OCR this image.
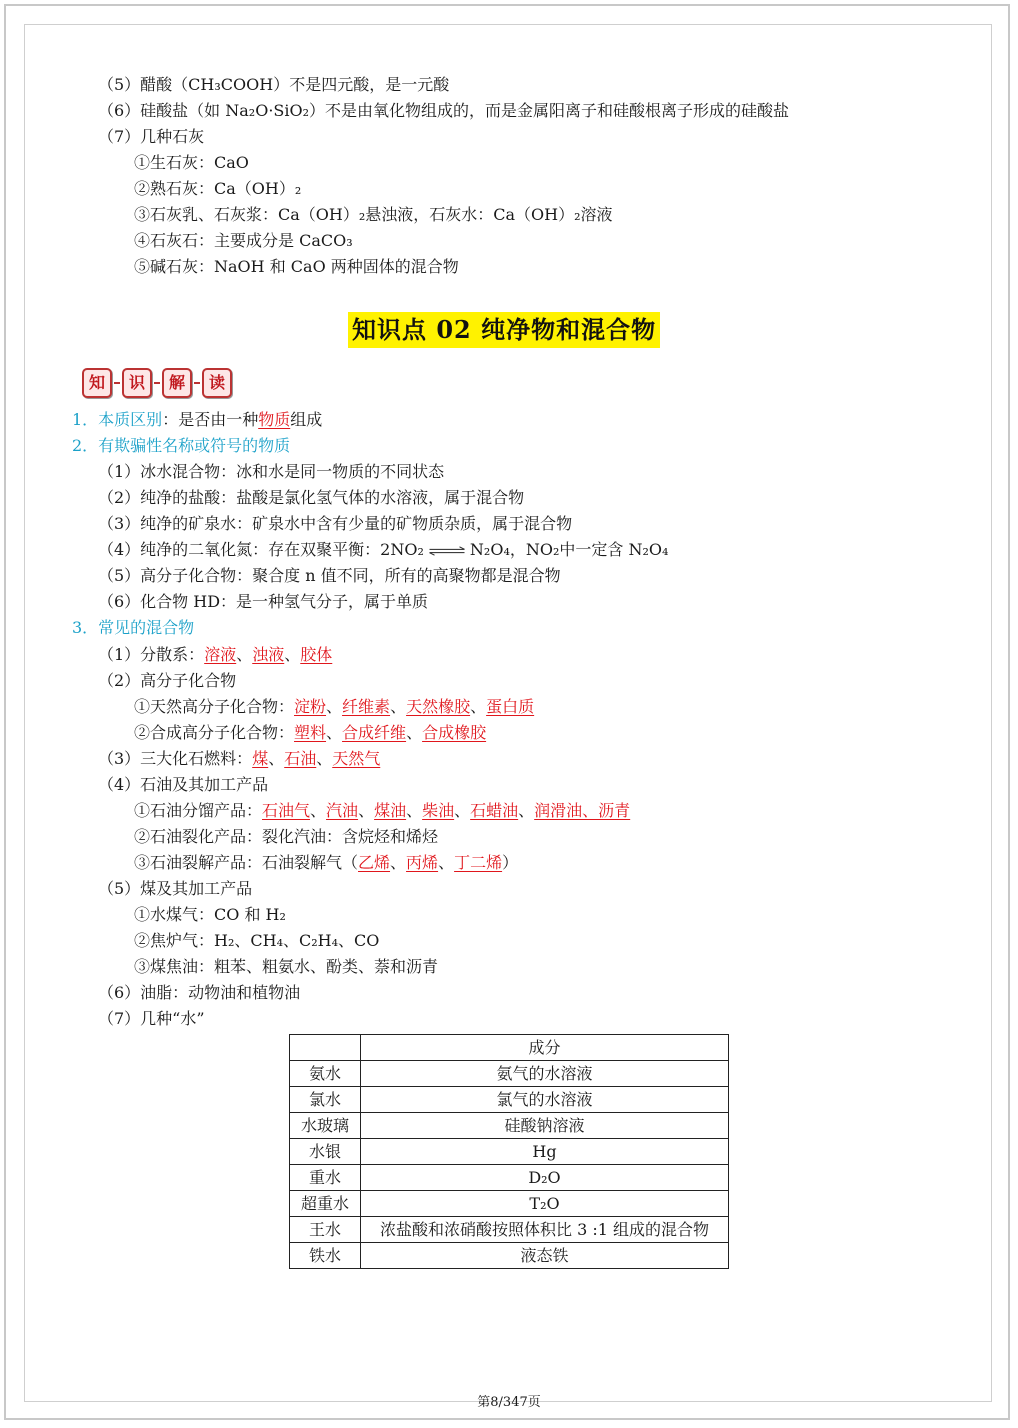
（5）醋酸（CH₃COOH）不是四元酸，是一元酸
（6）硅酸盐（如 Na₂O·SiO₂）不是由氧化物组成的，而是金属阳离子和硅酸根离子形成的硅酸盐
（7）几种石灰
①生石灰：CaO
②熟石灰：Ca（OH）₂
③石灰乳、石灰浆：Ca（OH）₂悬浊液，石灰水：Ca（OH）₂溶液
④石灰石：主要成分是 CaCO₃
⑤碱石灰：NaOH 和 CaO 两种固体的混合物
知识点 02 纯净物和混合物
知	识	解	读
1．本质区别：是否由一种物质组成
2．有欺骗性名称或符号的物质
（1）冰水混合物：冰和水是同一物质的不同状态
（2）纯净的盐酸：盐酸是氯化氢气体的水溶液，属于混合物
（3）纯净的矿泉水：矿泉水中含有少量的矿物质杂质，属于混合物
（4）纯净的二氧化氮：存在双聚平衡：2NO₂⇌N₂O₄，NO₂中一定含 N₂O₄
（5）高分子化合物：聚合度 n 值不同，所有的高聚物都是混合物
（6）化合物 HD：是一种氢气分子，属于单质
3．常见的混合物
（1）分散系：溶液、浊液、胶体
（2）高分子化合物
①天然高分子化合物：淀粉、纤维素、天然橡胶、蛋白质
②合成高分子化合物：塑料、合成纤维、合成橡胶
（3）三大化石燃料：煤、石油、天然气
（4）石油及其加工产品
①石油分馏产品：石油气、汽油、煤油、柴油、石蜡油、润滑油、沥青
②石油裂化产品：裂化汽油：含烷烃和烯烃
③石油裂解产品：石油裂解气（乙烯、丙烯、丁二烯）
（5）煤及其加工产品
①水煤气：CO 和 H₂
②焦炉气：H₂、CH₄、C₂H₄、CO
③煤焦油：粗苯、粗氨水、酚类、萘和沥青
（6）油脂：动物油和植物油
（7）几种“水”
	成分
氨水	氨气的水溶液
氯水	氯气的水溶液
水玻璃	硅酸钠溶液
水银	Hg
重水	D₂O
超重水	T₂O
王水	浓盐酸和浓硝酸按照体积比 3 :1 组成的混合物
铁水	液态铁
第8/347页
